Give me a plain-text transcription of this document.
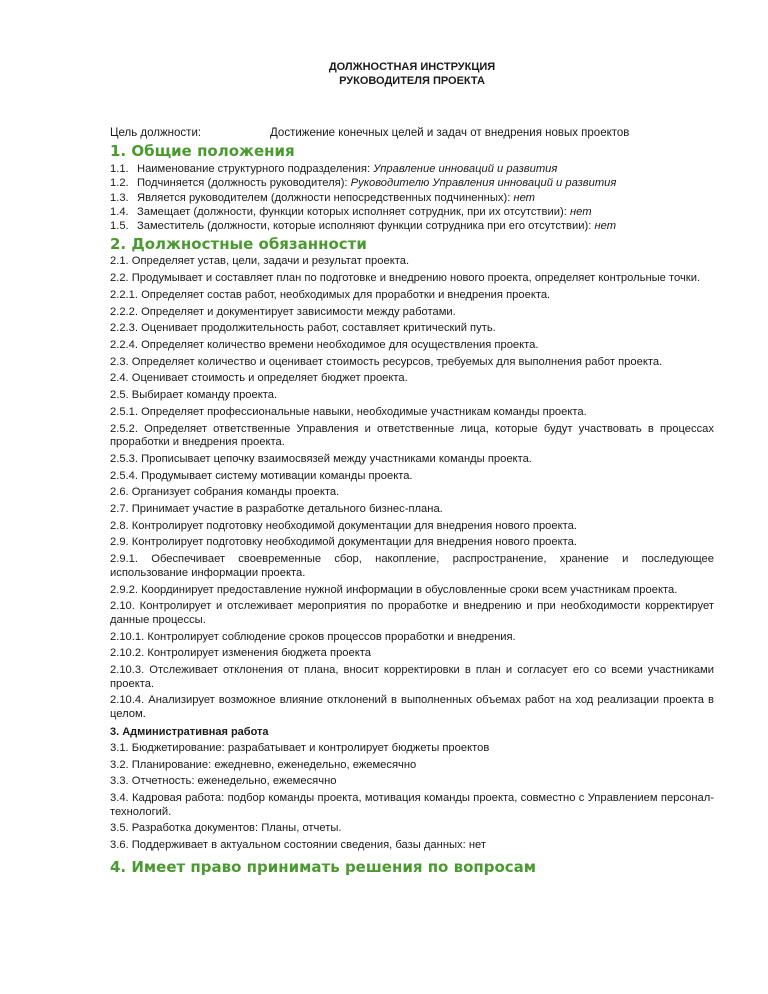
ДОЛЖНОСТНАЯ ИНСТРУКЦИЯ

РУКОВОДИТЕЛЯ ПРОЕКТА

Цель должности:	Достижение конечных целей и задач от внедрения новых проектов
1. Общие положения

1.1. Наименование структурного подразделения: Управление инноваций и развития

1.2. Подчиняется (должность руководителя): Руководителю Управления инноваций и развития

1.3. Является руководителем (должности непосредственных подчиненных): нет

1.4. Замещает (должности, функции которых исполняет сотрудник, при их отсутствии): нет

1.5. Заместитель (должности, которые исполняют функции сотрудника при его отсутствии): нет

2. Должностные обязанности

2.1. Определяет устав, цели, задачи и результат проекта.

2.2. Продумывает и составляет план по подготовке и внедрению нового проекта, определяет контрольные точки.

2.2.1. Определяет состав работ, необходимых для проработки и внедрения проекта.

2.2.2. Определяет и документирует зависимости между работами.

2.2.3. Оценивает продолжительность работ, составляет критический путь.

2.2.4. Определяет количество времени необходимое для осуществления проекта.

2.3. Определяет количество и оценивает стоимость ресурсов, требуемых для выполнения работ проекта.

2.4. Оценивает стоимость и определяет бюджет проекта.

2.5. Выбирает команду проекта.

2.5.1. Определяет профессиональные навыки, необходимые участникам команды проекта.

2.5.2. Определяет ответственные Управления и ответственные лица, которые будут участвовать в процессах проработки и внедрения проекта.

2.5.3. Прописывает цепочку взаимосвязей между участниками команды проекта.

2.5.4. Продумывает систему мотивации команды проекта.

2.6. Организует собрания команды проекта.

2.7. Принимает участие в разработке детального бизнес-плана.

2.8. Контролирует подготовку необходимой документации для внедрения нового проекта.

2.9. Контролирует подготовку необходимой документации для внедрения нового проекта.

2.9.1. Обеспечивает своевременные сбор, накопление, распространение, хранение и последующее использование информации проекта.

2.9.2. Координирует предоставление нужной информации в обусловленные сроки всем участникам проекта.

2.10. Контролирует и отслеживает мероприятия по проработке и внедрению и при необходимости корректирует данные процессы.

2.10.1. Контролирует соблюдение сроков процессов проработки и внедрения.

2.10.2. Контролирует изменения бюджета проекта

2.10.3. Отслеживает отклонения от плана, вносит корректировки в план и согласует его со всеми участниками проекта.

2.10.4. Анализирует возможное влияние отклонений в выполненных объемах работ на ход реализации проекта в целом.

3. Административная работа

3.1. Бюджетирование: разрабатывает и контролирует бюджеты проектов

3.2. Планирование: ежедневно, еженедельно, ежемесячно

3.3. Отчетность: еженедельно, ежемесячно

3.4. Кадровая работа: подбор команды проекта, мотивация команды проекта, совместно с Управлением персонал-технологий.

3.5. Разработка документов: Планы, отчеты.

3.6. Поддерживает в актуальном состоянии сведения, базы данных: нет

4. Имеет право принимать решения по вопросам
